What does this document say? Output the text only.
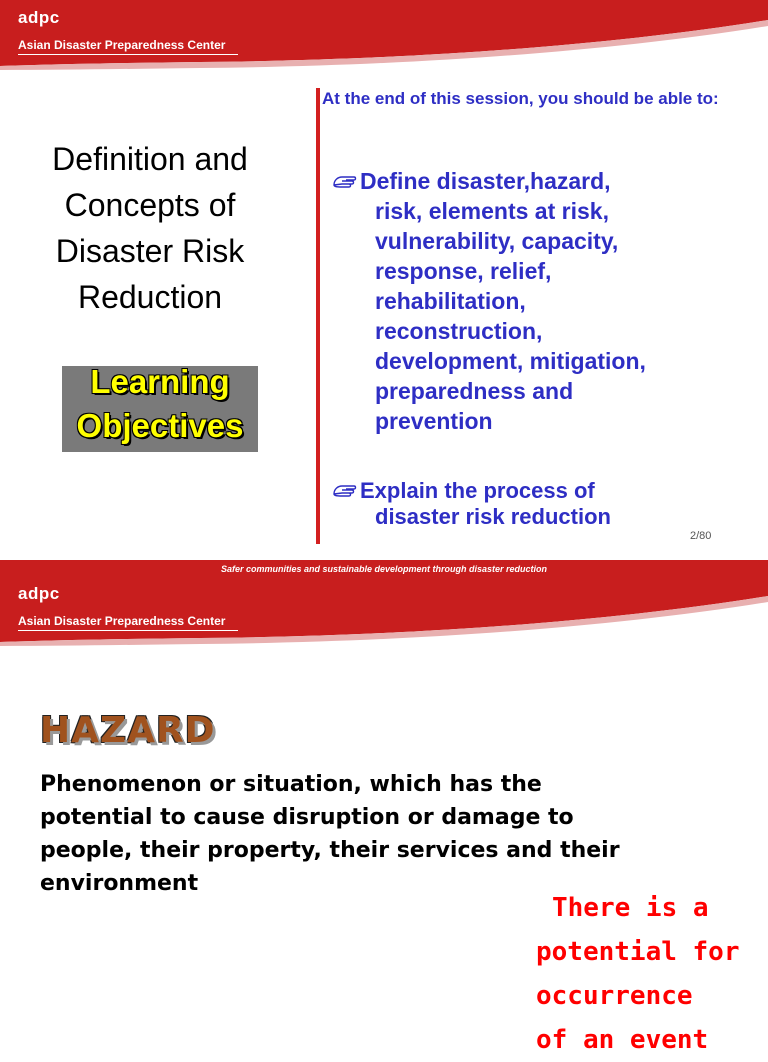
adpc
Asian Disaster Preparedness Center
Definition and
Concepts of
Disaster Risk
Reduction
Learning
Objectives
At the end of this session, you should be able to:
Define disaster,hazard,
risk, elements at risk,
vulnerability, capacity,
response, relief,
rehabilitation,
reconstruction,
development, mitigation,
preparedness and
prevention
Explain the process of
disaster risk reduction
2/80
Safer communities and sustainable development through disaster reduction
adpc
Asian Disaster Preparedness Center
HAZARD
Phenomenon or situation, which has the potential to cause disruption or damage to people, their property, their services and their environment
There is a
potential for
occurrence
of an event
